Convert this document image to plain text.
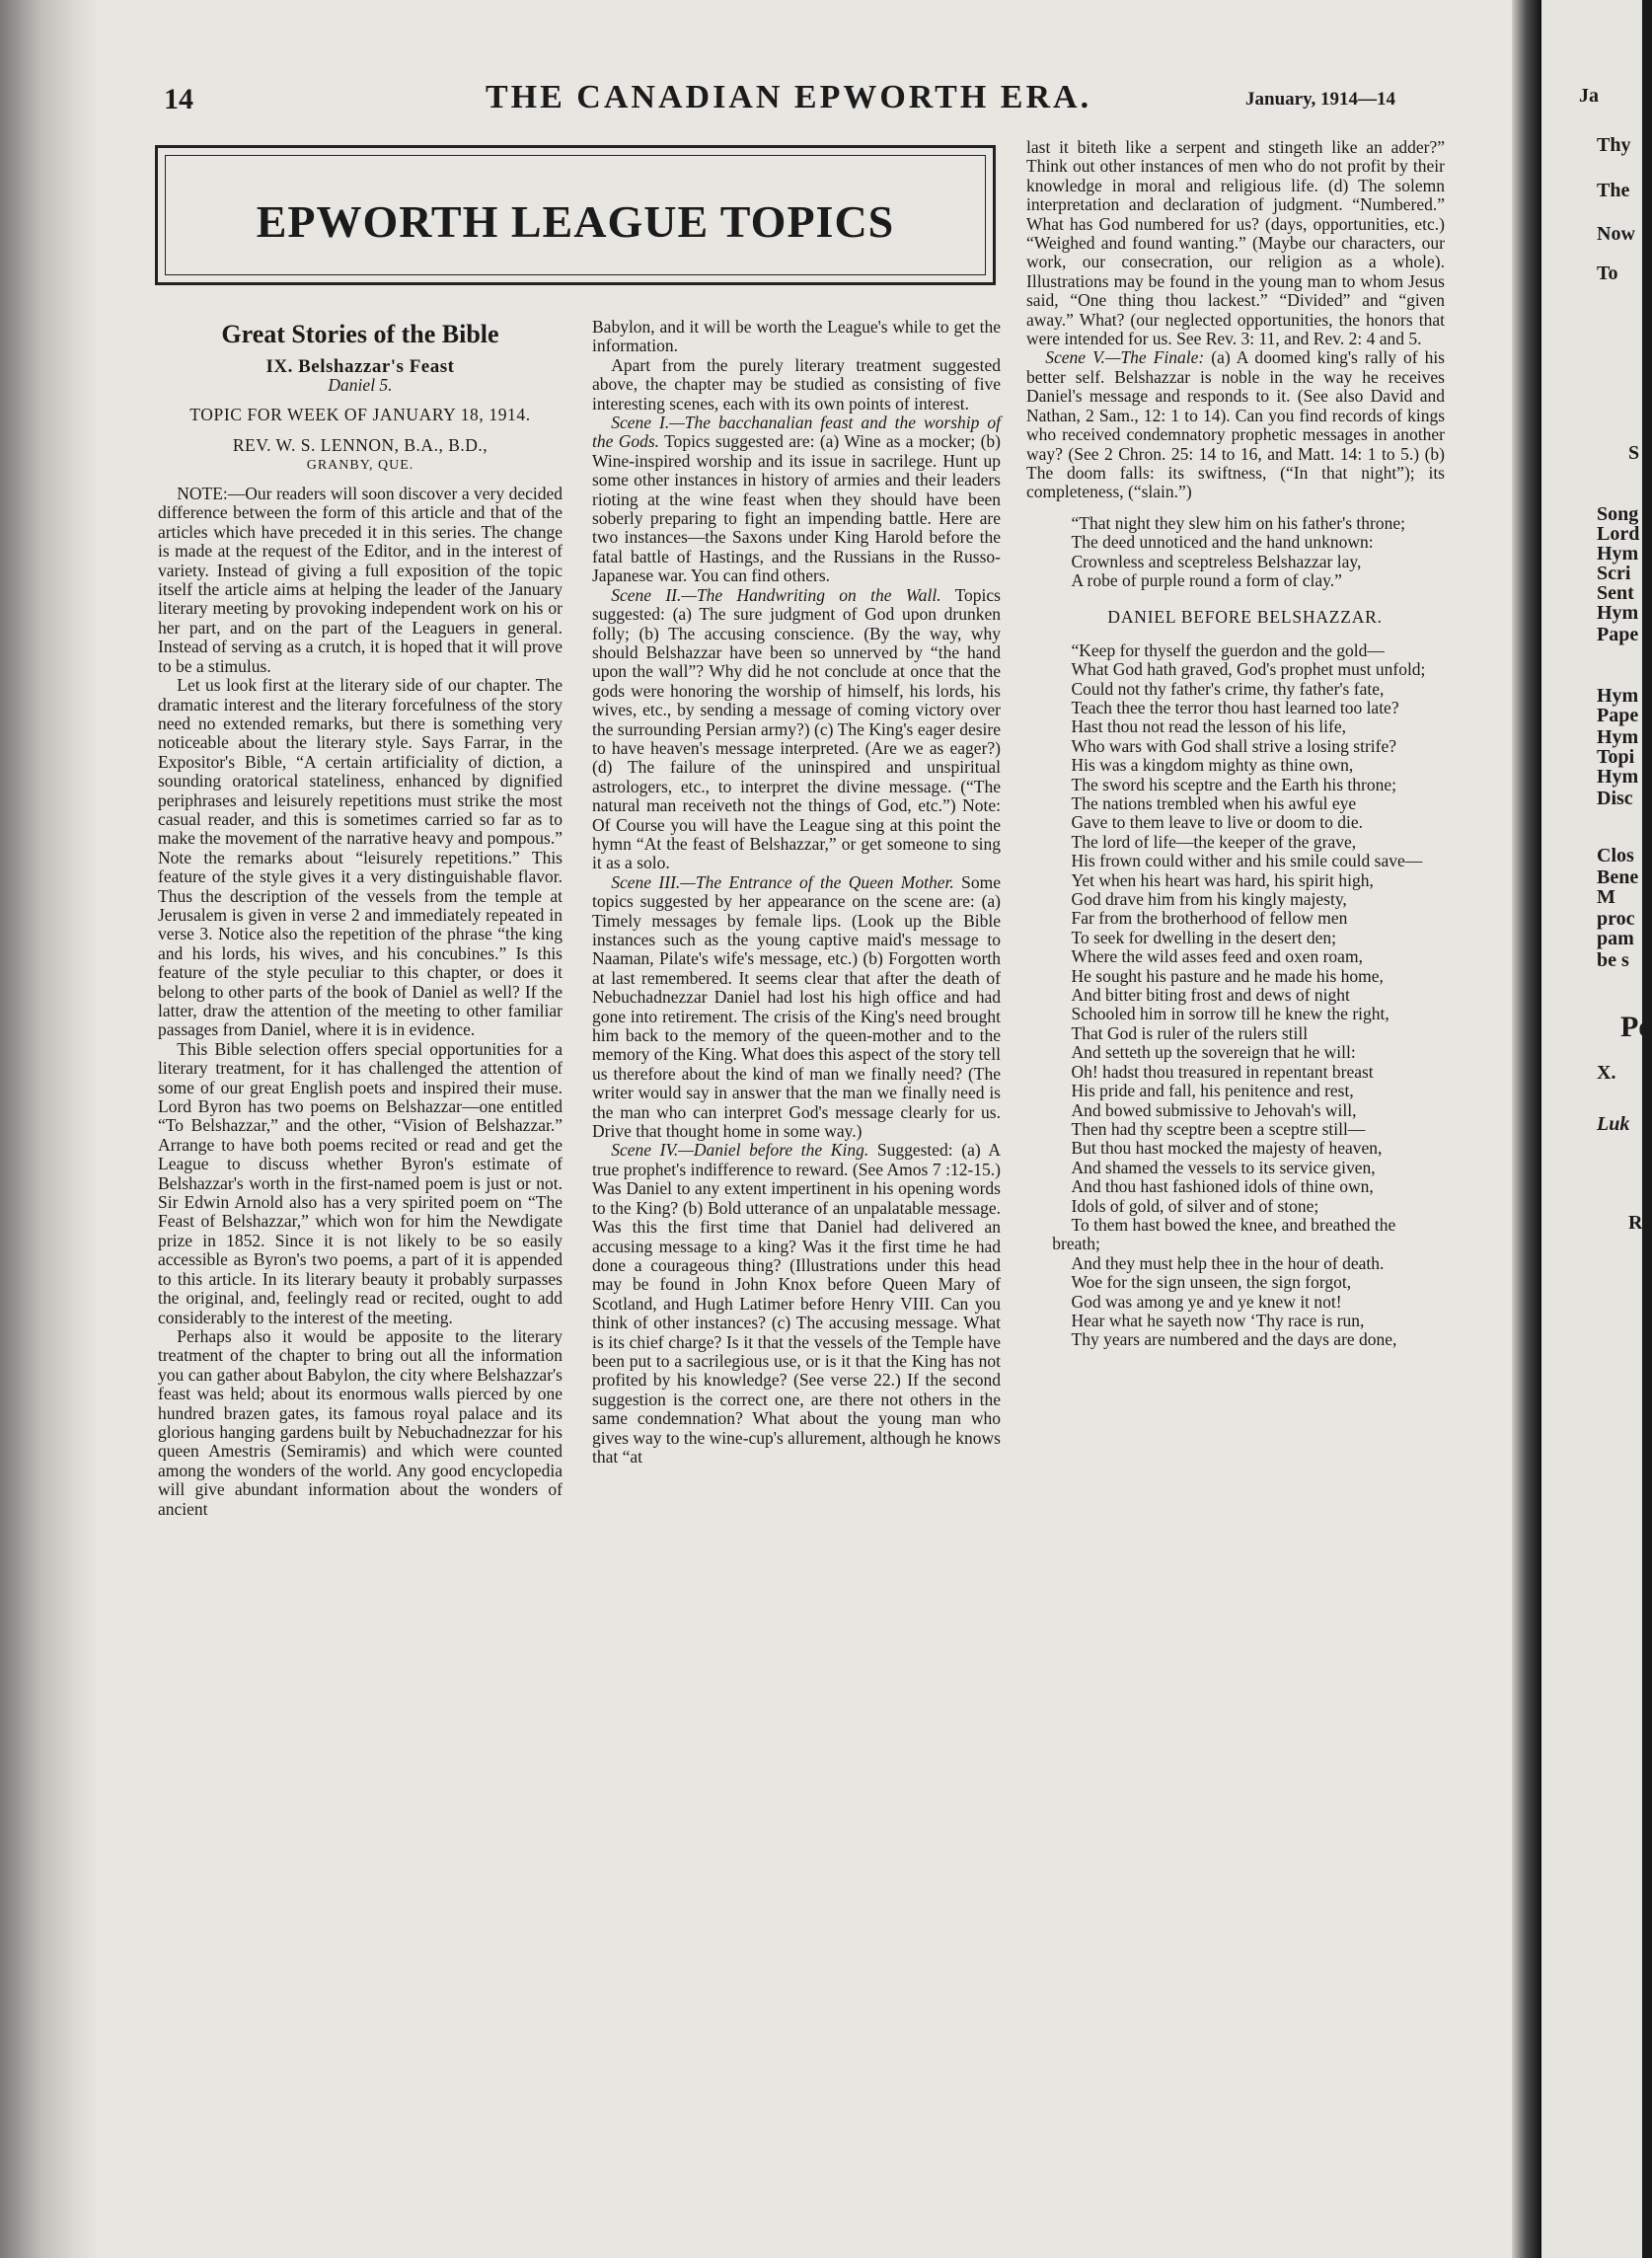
14	THE CANADIAN EPWORTH ERA.	January, 1914—14
EPWORTH LEAGUE TOPICS
Great Stories of the Bible

IX. Belshazzar's Feast

Daniel 5.

TOPIC FOR WEEK OF JANUARY 18, 1914.

REV. W. S. LENNON, B.A., B.D.,

GRANBY, QUE.

NOTE:—Our readers will soon discover a very decided difference between the form of this article and that of the articles which have preceded it in this series. The change is made at the request of the Editor, and in the interest of variety. Instead of giving a full exposition of the topic itself the article aims at helping the leader of the January literary meeting by provoking independent work on his or her part, and on the part of the Leaguers in general. Instead of serving as a crutch, it is hoped that it will prove to be a stimulus.

Let us look first at the literary side of our chapter. The dramatic interest and the literary forcefulness of the story need no extended remarks, but there is something very noticeable about the literary style. Says Farrar, in the Expositor's Bible, “A certain artificiality of diction, a sounding oratorical stateliness, enhanced by dignified periphrases and leisurely repetitions must strike the most casual reader, and this is sometimes carried so far as to make the movement of the narrative heavy and pompous.” Note the remarks about “leisurely repetitions.” This feature of the style gives it a very distinguishable flavor. Thus the description of the vessels from the temple at Jerusalem is given in verse 2 and immediately repeated in verse 3. Notice also the repetition of the phrase “the king and his lords, his wives, and his concubines.” Is this feature of the style peculiar to this chapter, or does it belong to other parts of the book of Daniel as well? If the latter, draw the attention of the meeting to other familiar passages from Daniel, where it is in evidence.

This Bible selection offers special opportunities for a literary treatment, for it has challenged the attention of some of our great English poets and inspired their muse. Lord Byron has two poems on Belshazzar—one entitled “To Belshazzar,” and the other, “Vision of Belshazzar.” Arrange to have both poems recited or read and get the League to discuss whether Byron's estimate of Belshazzar's worth in the first-named poem is just or not. Sir Edwin Arnold also has a very spirited poem on “The Feast of Belshazzar,” which won for him the Newdigate prize in 1852. Since it is not likely to be so easily accessible as Byron's two poems, a part of it is appended to this article. In its literary beauty it probably surpasses the original, and, feelingly read or recited, ought to add considerably to the interest of the meeting.

Perhaps also it would be apposite to the literary treatment of the chapter to bring out all the information you can gather about Babylon, the city where Belshazzar's feast was held; about its enormous walls pierced by one hundred brazen gates, its famous royal palace and its glorious hanging gardens built by Nebuchadnezzar for his queen Amestris (Semiramis) and which were counted among the wonders of the world. Any good encyclopedia will give abundant information about the wonders of ancient

Babylon, and it will be worth the League's while to get the information.

Apart from the purely literary treatment suggested above, the chapter may be studied as consisting of five interesting scenes, each with its own points of interest.

Scene I.—The bacchanalian feast and the worship of the Gods. Topics suggested are: (a) Wine as a mocker; (b) Wine-inspired worship and its issue in sacrilege. Hunt up some other instances in history of armies and their leaders rioting at the wine feast when they should have been soberly preparing to fight an impending battle. Here are two instances—the Saxons under King Harold before the fatal battle of Hastings, and the Russians in the Russo-Japanese war. You can find others.

Scene II.—The Handwriting on the Wall. Topics suggested: (a) The sure judgment of God upon drunken folly; (b) The accusing conscience. (By the way, why should Belshazzar have been so unnerved by “the hand upon the wall”? Why did he not conclude at once that the gods were honoring the worship of himself, his lords, his wives, etc., by sending a message of coming victory over the surrounding Persian army?) (c) The King's eager desire to have heaven's message interpreted. (Are we as eager?) (d) The failure of the uninspired and unspiritual astrologers, etc., to interpret the divine message. (“The natural man receiveth not the things of God, etc.”) Note: Of Course you will have the League sing at this point the hymn “At the feast of Belshazzar,” or get someone to sing it as a solo.

Scene III.—The Entrance of the Queen Mother. Some topics suggested by her appearance on the scene are: (a) Timely messages by female lips. (Look up the Bible instances such as the young captive maid's message to Naaman, Pilate's wife's message, etc.) (b) Forgotten worth at last remembered. It seems clear that after the death of Nebuchadnezzar Daniel had lost his high office and had gone into retirement. The crisis of the King's need brought him back to the memory of the queen-mother and to the memory of the King. What does this aspect of the story tell us therefore about the kind of man we finally need? (The writer would say in answer that the man we finally need is the man who can interpret God's message clearly for us. Drive that thought home in some way.)

Scene IV.—Daniel before the King. Suggested: (a) A true prophet's indifference to reward. (See Amos 7 :12-15.) Was Daniel to any extent impertinent in his opening words to the King? (b) Bold utterance of an unpalatable message. Was this the first time that Daniel had delivered an accusing message to a king? Was it the first time he had done a courageous thing? (Illustrations under this head may be found in John Knox before Queen Mary of Scotland, and Hugh Latimer before Henry VIII. Can you think of other instances? (c) The accusing message. What is its chief charge? Is it that the vessels of the Temple have been put to a sacrilegious use, or is it that the King has not profited by his knowledge? (See verse 22.) If the second suggestion is the correct one, are there not others in the same condemnation? What about the young man who gives way to the wine-cup's allurement, although he knows that “at

last it biteth like a serpent and stingeth like an adder?” Think out other instances of men who do not profit by their knowledge in moral and religious life. (d) The solemn interpretation and declaration of judgment. “Numbered.” What has God numbered for us? (days, opportunities, etc.) “Weighed and found wanting.” (Maybe our characters, our work, our consecration, our religion as a whole). Illustrations may be found in the young man to whom Jesus said, “One thing thou lackest.” “Divided” and “given away.” What? (our neglected opportunities, the honors that were intended for us. See Rev. 3: 11, and Rev. 2: 4 and 5.

Scene V.—The Finale: (a) A doomed king's rally of his better self. Belshazzar is noble in the way he receives Daniel's message and responds to it. (See also David and Nathan, 2 Sam., 12: 1 to 14). Can you find records of kings who received condemnatory prophetic messages in another way? (See 2 Chron. 25: 14 to 16, and Matt. 14: 1 to 5.) (b) The doom falls: its swiftness, (“In that night”); its completeness, (“slain.”)

“That night they slew him on his father's throne;

The deed unnoticed and the hand unknown:

Crownless and sceptreless Belshazzar lay,

A robe of purple round a form of clay.”

DANIEL BEFORE BELSHAZZAR.

“Keep for thyself the guerdon and the gold—

What God hath graved, God's prophet must unfold;

Could not thy father's crime, thy father's fate,

Teach thee the terror thou hast learned too late?

Hast thou not read the lesson of his life,

Who wars with God shall strive a losing strife?

His was a kingdom mighty as thine own,

The sword his sceptre and the Earth his throne;

The nations trembled when his awful eye

Gave to them leave to live or doom to die.

The lord of life—the keeper of the grave,

His frown could wither and his smile could save—

Yet when his heart was hard, his spirit high,

God drave him from his kingly majesty,

Far from the brotherhood of fellow men

To seek for dwelling in the desert den;

Where the wild asses feed and oxen roam,

He sought his pasture and he made his home,

And bitter biting frost and dews of night

Schooled him in sorrow till he knew the right,

That God is ruler of the rulers still

And setteth up the sovereign that he will:

Oh! hadst thou treasured in repentant breast

His pride and fall, his penitence and rest,

And bowed submissive to Jehovah's will,

Then had thy sceptre been a sceptre still—

But thou hast mocked the majesty of heaven,

And shamed the vessels to its service given,

And thou hast fashioned idols of thine own,

Idols of gold, of silver and of stone;

To them hast bowed the knee, and breathed the breath;

And they must help thee in the hour of death.

Woe for the sign unseen, the sign forgot,

God was among ye and ye knew it not!

Hear what he sayeth now ‘Thy race is run,

Thy years are numbered and the days are done,

Ja
Thy
The
Now
To
S
Song
Lord
Hym
Scri
Sent
Hym
Pape
Hym
Pape
Hym
Topi
Hym
Disc
Clos
Bene
M
proc
pam
be s
Pe
X.
Luk
R
